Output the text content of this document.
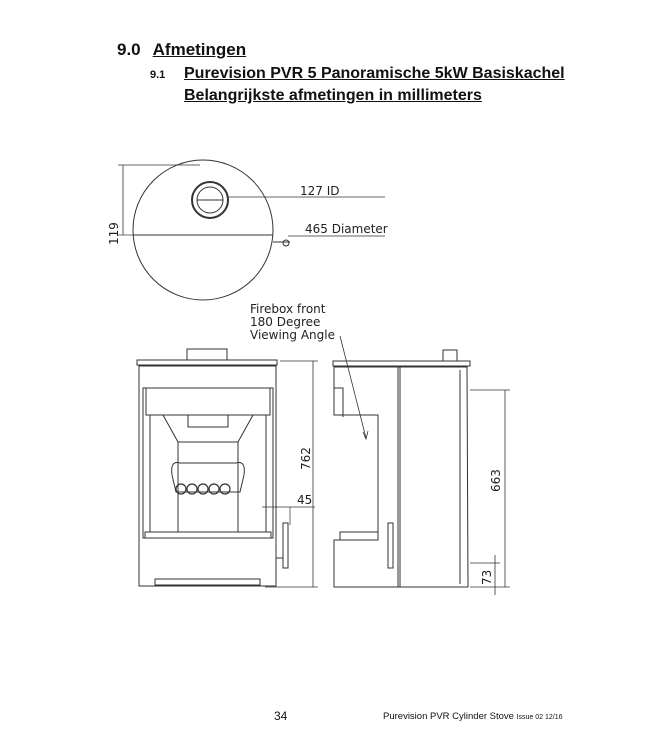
9.0 Afmetingen
9.1 Purevision PVR 5 Panoramische 5kW Basiskachel
Belangrijkste afmetingen in millimeters
127 ID
465 Diameter
119
Firebox front
180 Degree
Viewing Angle
762
45
663
73
34	Purevision PVR Cylinder Stove Issue 02 12/16
